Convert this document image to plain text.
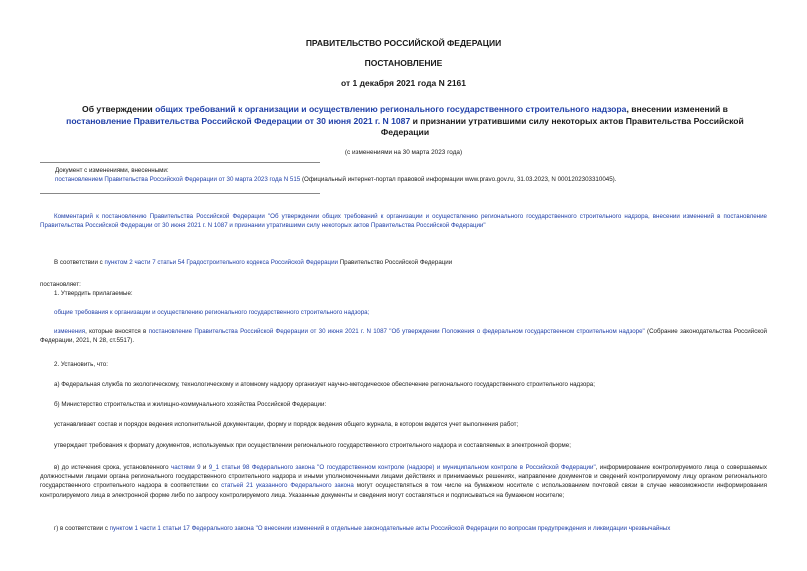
ПРАВИТЕЛЬСТВО РОССИЙСКОЙ ФЕДЕРАЦИИ
ПОСТАНОВЛЕНИЕ
от 1 декабря 2021 года N 2161
Об утверждении общих требований к организации и осуществлению регионального государственного строительного надзора, внесении изменений в постановление Правительства Российской Федерации от 30 июня 2021 г. N 1087 и признании утратившими силу некоторых актов Правительства Российской Федерации
(с изменениями на 30 марта 2023 года)
Документ с изменениями, внесенными:
постановлением Правительства Российской Федерации от 30 марта 2023 года N 515 (Официальный интернет-портал правовой информации www.pravo.gov.ru, 31.03.2023, N 0001202303310045).
Комментарий к постановлению Правительства Российской Федерации "Об утверждении общих требований к организации и осуществлению регионального государственного строительного надзора, внесении изменений в постановление Правительства Российской Федерации от 30 июня 2021 г. N 1087 и признании утратившими силу некоторых актов Правительства Российской Федерации"
В соответствии с пунктом 2 части 7 статьи 54 Градостроительного кодекса Российской Федерации Правительство Российской Федерации
постановляет:
1. Утвердить прилагаемые:
общие требования к организации и осуществлению регионального государственного строительного надзора;
изменения, которые вносятся в постановление Правительства Российской Федерации от 30 июня 2021 г. N 1087 "Об утверждении Положения о федеральном государственном строительном надзоре" (Собрание законодательства Российской Федерации, 2021, N 28, ст.5517).
2. Установить, что:
а) Федеральная служба по экологическому, технологическому и атомному надзору организует научно-методическое обеспечение регионального государственного строительного надзора;
б) Министерство строительства и жилищно-коммунального хозяйства Российской Федерации:
устанавливает состав и порядок ведения исполнительной документации, форму и порядок ведения общего журнала, в котором ведется учет выполнения работ;
утверждает требования к формату документов, используемых при осуществлении регионального государственного строительного надзора и составляемых в электронной форме;
в) до истечения срока, установленного частями 9 и 9_1 статьи 98 Федерального закона "О государственном контроле (надзоре) и муниципальном контроле в Российской Федерации", информирование контролируемого лица о совершаемых должностными лицами органа регионального государственного строительного надзора и иными уполномоченными лицами действиях и принимаемых решениях, направление документов и сведений контролируемому лицу органом регионального государственного строительного надзора в соответствии со статьей 21 указанного Федерального закона могут осуществляться в том числе на бумажном носителе с использованием почтовой связи в случае невозможности информирования контролируемого лица в электронной форме либо по запросу контролируемого лица. Указанные документы и сведения могут составляться и подписываться на бумажном носителе;
г) в соответствии с пунктом 1 части 1 статьи 17 Федерального закона "О внесении изменений в отдельные законодательные акты Российской Федерации по вопросам предупреждения и ликвидации чрезвычайных
